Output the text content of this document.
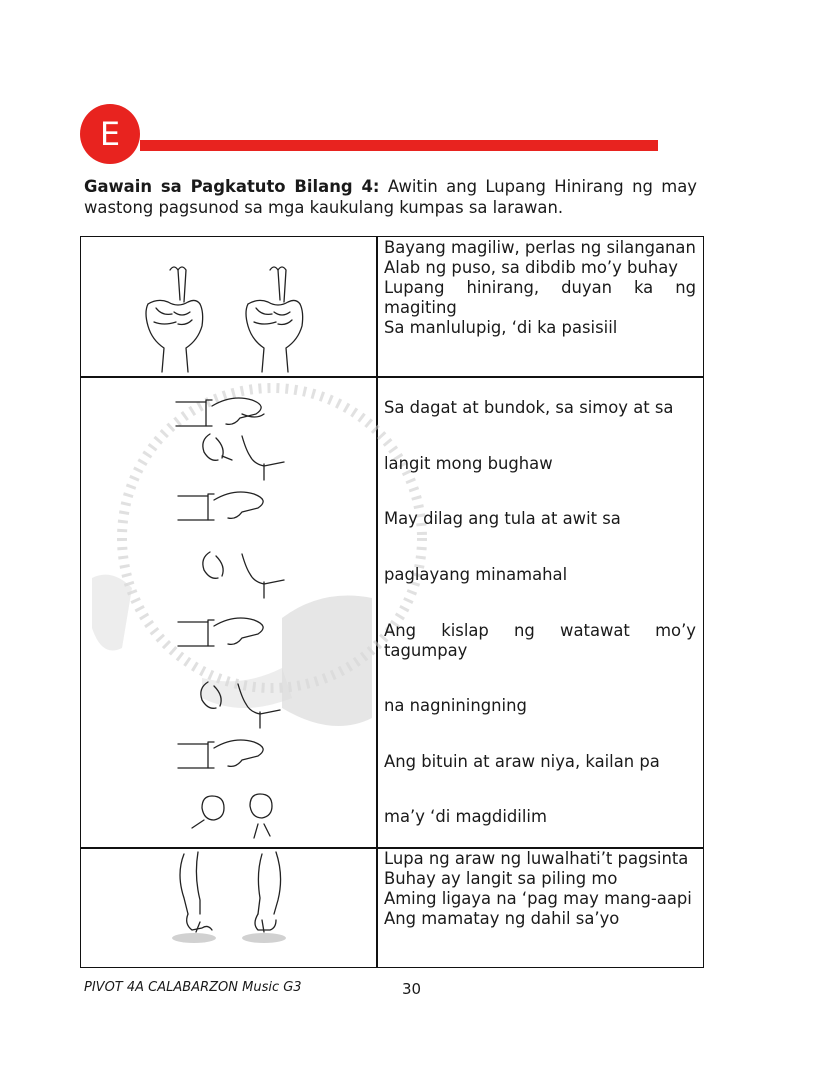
E
Gawain sa Pagkatuto Bilang 4: Awitin ang Lupang Hinirang ng may wastong pagsunod sa mga kaukulang kumpas sa larawan.
Bayang magiliw, perlas ng silanganan
Alab ng puso, sa dibdib mo’y buhay
Lupang hinirang, duyan ka ng magiting
Sa manlulupig, ‘di ka pasisiil
Sa dagat at bundok, sa simoy at sa
langit mong bughaw
May dilag ang tula at awit sa
paglayang minamahal
Ang kislap ng watawat mo’y tagumpay
na nagniningning
Ang bituin at araw niya, kailan pa
ma’y ‘di magdidilim
Lupa ng araw ng luwalhati’t pagsinta
Buhay ay langit sa piling mo
Aming ligaya na ‘pag may mang-aapi
Ang mamatay ng dahil sa’yo
PIVOT 4A CALABARZON Music G3	30
